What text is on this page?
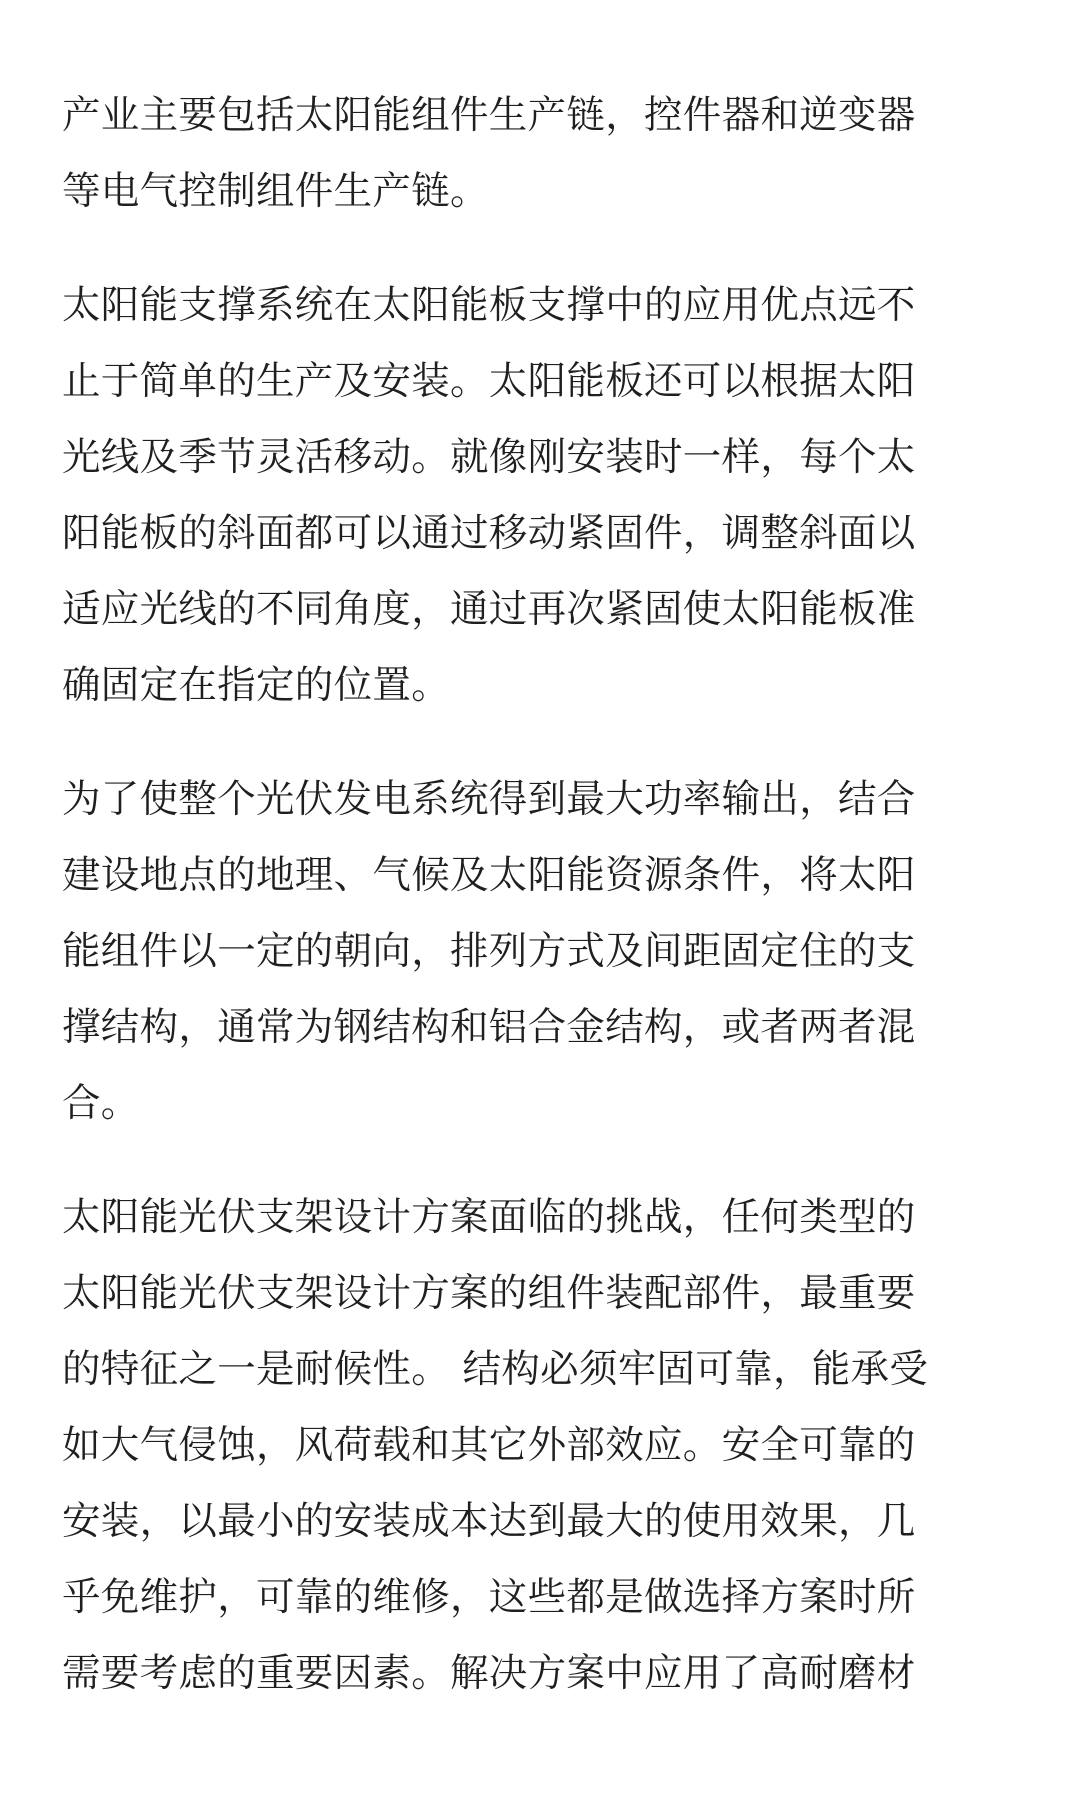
产业主要包括太阳能组件生产链，控件器和逆变器
等电气控制组件生产链。
太阳能支撑系统在太阳能板支撑中的应用优点远不
止于简单的生产及安装。太阳能板还可以根据太阳
光线及季节灵活移动。就像刚安装时一样，每个太
阳能板的斜面都可以通过移动紧固件，调整斜面以
适应光线的不同角度，通过再次紧固使太阳能板准
确固定在指定的位置。
为了使整个光伏发电系统得到最大功率输出，结合
建设地点的地理、气候及太阳能资源条件，将太阳
能组件以一定的朝向，排列方式及间距固定住的支
撑结构，通常为钢结构和铝合金结构，或者两者混
合。
太阳能光伏支架设计方案面临的挑战，任何类型的
太阳能光伏支架设计方案的组件装配部件，最重要
的特征之一是耐候性。 结构必须牢固可靠，能承受
如大气侵蚀，风荷载和其它外部效应。安全可靠的
安装，以最小的安装成本达到最大的使用效果，几
乎免维护，可靠的维修，这些都是做选择方案时所
需要考虑的重要因素。解决方案中应用了高耐磨材
